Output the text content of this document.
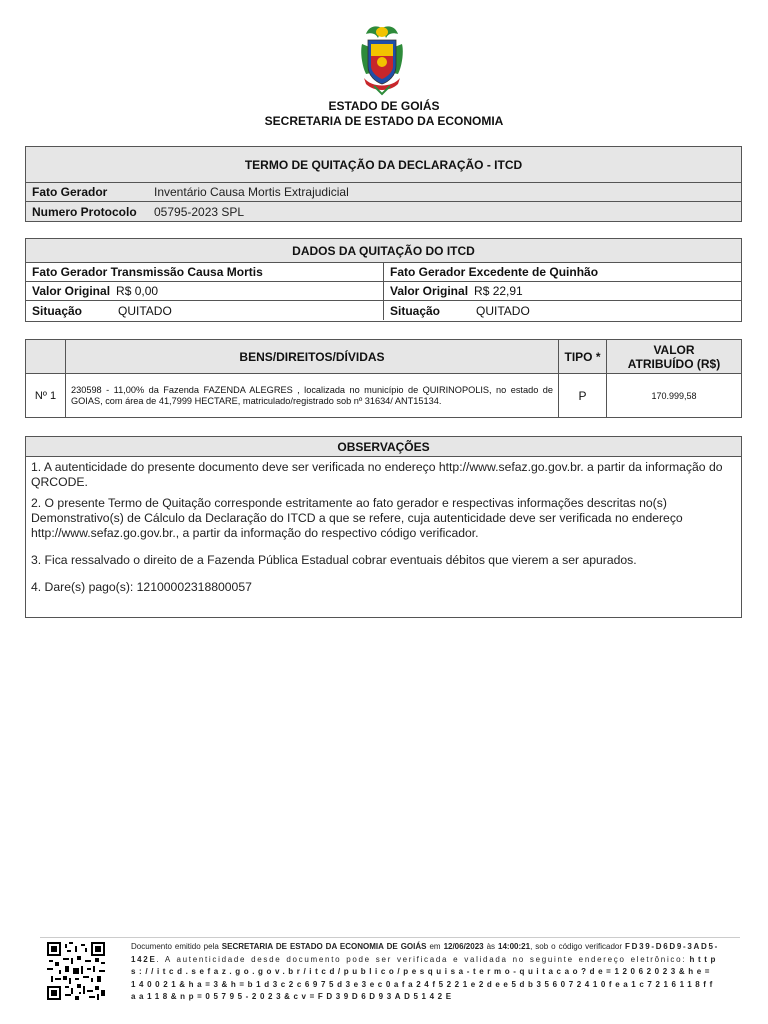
ESTADO DE GOIÁS
SECRETARIA DE ESTADO DA ECONOMIA
TERMO DE QUITAÇÃO DA DECLARAÇÃO - ITCD
Fato Gerador	Inventário Causa Mortis Extrajudicial
Numero Protocolo	05795-2023 SPL
DADOS DA QUITAÇÃO DO ITCD
Fato Gerador Transmissão Causa Mortis	Fato Gerador Excedente de Quinhão
Valor Original R$ 0,00	Valor Original R$ 22,91
Situação	QUITADO	Situação	QUITADO
BENS/DIREITOS/DÍVIDAS	TIPO *	VALOR
ATRIBUÍDO (R$)
Nº 1	230598 - 11,00% da Fazenda FAZENDA ALEGRES , localizada no município de QUIRINOPOLIS, no estado de GOIAS, com área de 41,7999 HECTARE, matriculado/registrado sob nº 31634/ ANT15134.	P	170.999,58
OBSERVAÇÕES

1. A autenticidade do presente documento deve ser verificada no endereço http://www.sefaz.go.gov.br. a partir da informação do QRCODE.

2. O presente Termo de Quitação corresponde estritamente ao fato gerador e respectivas informações descritas no(s) Demonstrativo(s) de Cálculo da Declaração do ITCD a que se refere, cuja autenticidade deve ser verificada no endereço http://www.sefaz.go.gov.br., a partir da informação do respectivo código verificador.

3. Fica ressalvado o direito de a Fazenda Pública Estadual cobrar eventuais débitos que vierem a ser apurados.

4. Dare(s) pago(s): 12100002318800057

Documento emitido pela SECRETARIA DE ESTADO DA ECONOMIA DE GOIÁS em 12/06/2023 às 14:00:21, sob o código verificador FD39-D6D9-3AD5-142E. A autenticidade desde documento pode ser verificada e validada no seguinte endereço eletrônico: https://itcd.sefaz.go.gov.br/itcd/publico/pesquisa-termo-quitacao?de=12062023&he=140021&ha=3&h=b1d3c2c6975d3e3ec0afa24f5221e2dee5db356072410fea1c7216118ffaa118&np=05795-2023&cv=FD39D6D93AD5142E
